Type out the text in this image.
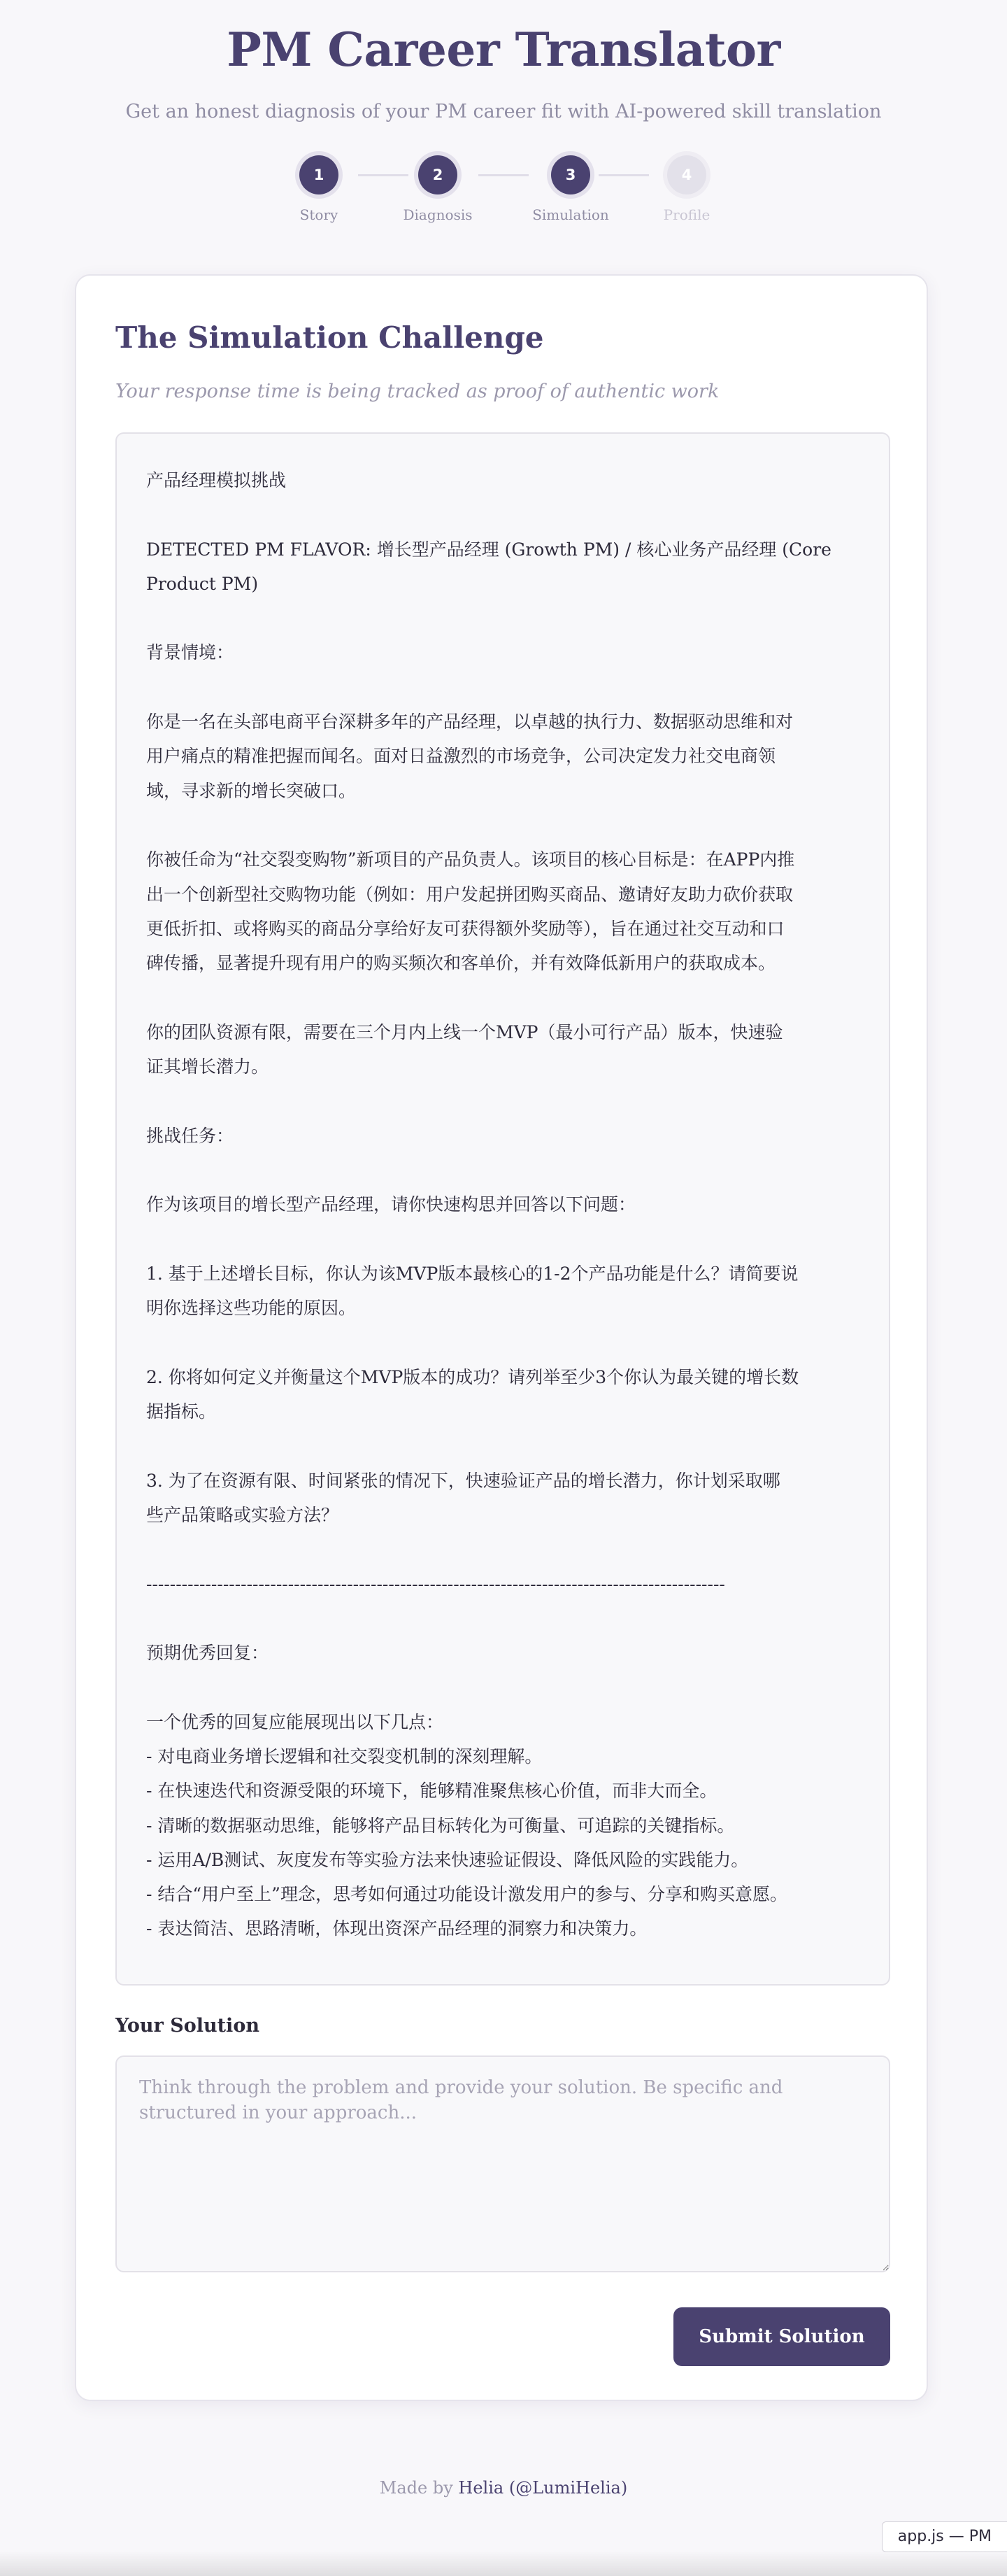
PM Career Translator

Get an honest diagnosis of your PM career fit with AI-powered skill translation

1
Story
2
Diagnosis
3
Simulation
4
Profile
The Simulation Challenge

Your response time is being tracked as proof of authentic work

产品经理模拟挑战

DETECTED PM FLAVOR: 增长型产品经理 (Growth PM) / 核心业务产品经理 (Core
Product PM)

背景情境：

你是一名在头部电商平台深耕多年的产品经理，以卓越的执行力、数据驱动思维和对
用户痛点的精准把握而闻名。面对日益激烈的市场竞争，公司决定发力社交电商领
域，寻求新的增长突破口。

你被任命为“社交裂变购物”新项目的产品负责人。该项目的核心目标是：在APP内推
出一个创新型社交购物功能（例如：用户发起拼团购买商品、邀请好友助力砍价获取
更低折扣、或将购买的商品分享给好友可获得额外奖励等），旨在通过社交互动和口
碑传播，显著提升现有用户的购买频次和客单价，并有效降低新用户的获取成本。

你的团队资源有限，需要在三个月内上线一个MVP（最小可行产品）版本，快速验
证其增长潜力。

挑战任务：

作为该项目的增长型产品经理，请你快速构思并回答以下问题：

1. 基于上述增长目标，你认为该MVP版本最核心的1-2个产品功能是什么？请简要说
明你选择这些功能的原因。

2. 你将如何定义并衡量这个MVP版本的成功？请列举至少3个你认为最关键的增长数
据指标。

3. 为了在资源有限、时间紧张的情况下，快速验证产品的增长潜力，你计划采取哪
些产品策略或实验方法？

--------------------------------------------------------------------------------------------------

预期优秀回复：

一个优秀的回复应能展现出以下几点：
- 对电商业务增长逻辑和社交裂变机制的深刻理解。
- 在快速迭代和资源受限的环境下，能够精准聚焦核心价值，而非大而全。
- 清晰的数据驱动思维，能够将产品目标转化为可衡量、可追踪的关键指标。
- 运用A/B测试、灰度发布等实验方法来快速验证假设、降低风险的实践能力。
- 结合“用户至上”理念，思考如何通过功能设计激发用户的参与、分享和购买意愿。
- 表达简洁、思路清晰，体现出资深产品经理的洞察力和决策力。
Your Solution
Think through the problem and provide your solution. Be specific and structured in your approach...
Submit Solution
Made by Helia (@LumiHelia)
app.js — PM
